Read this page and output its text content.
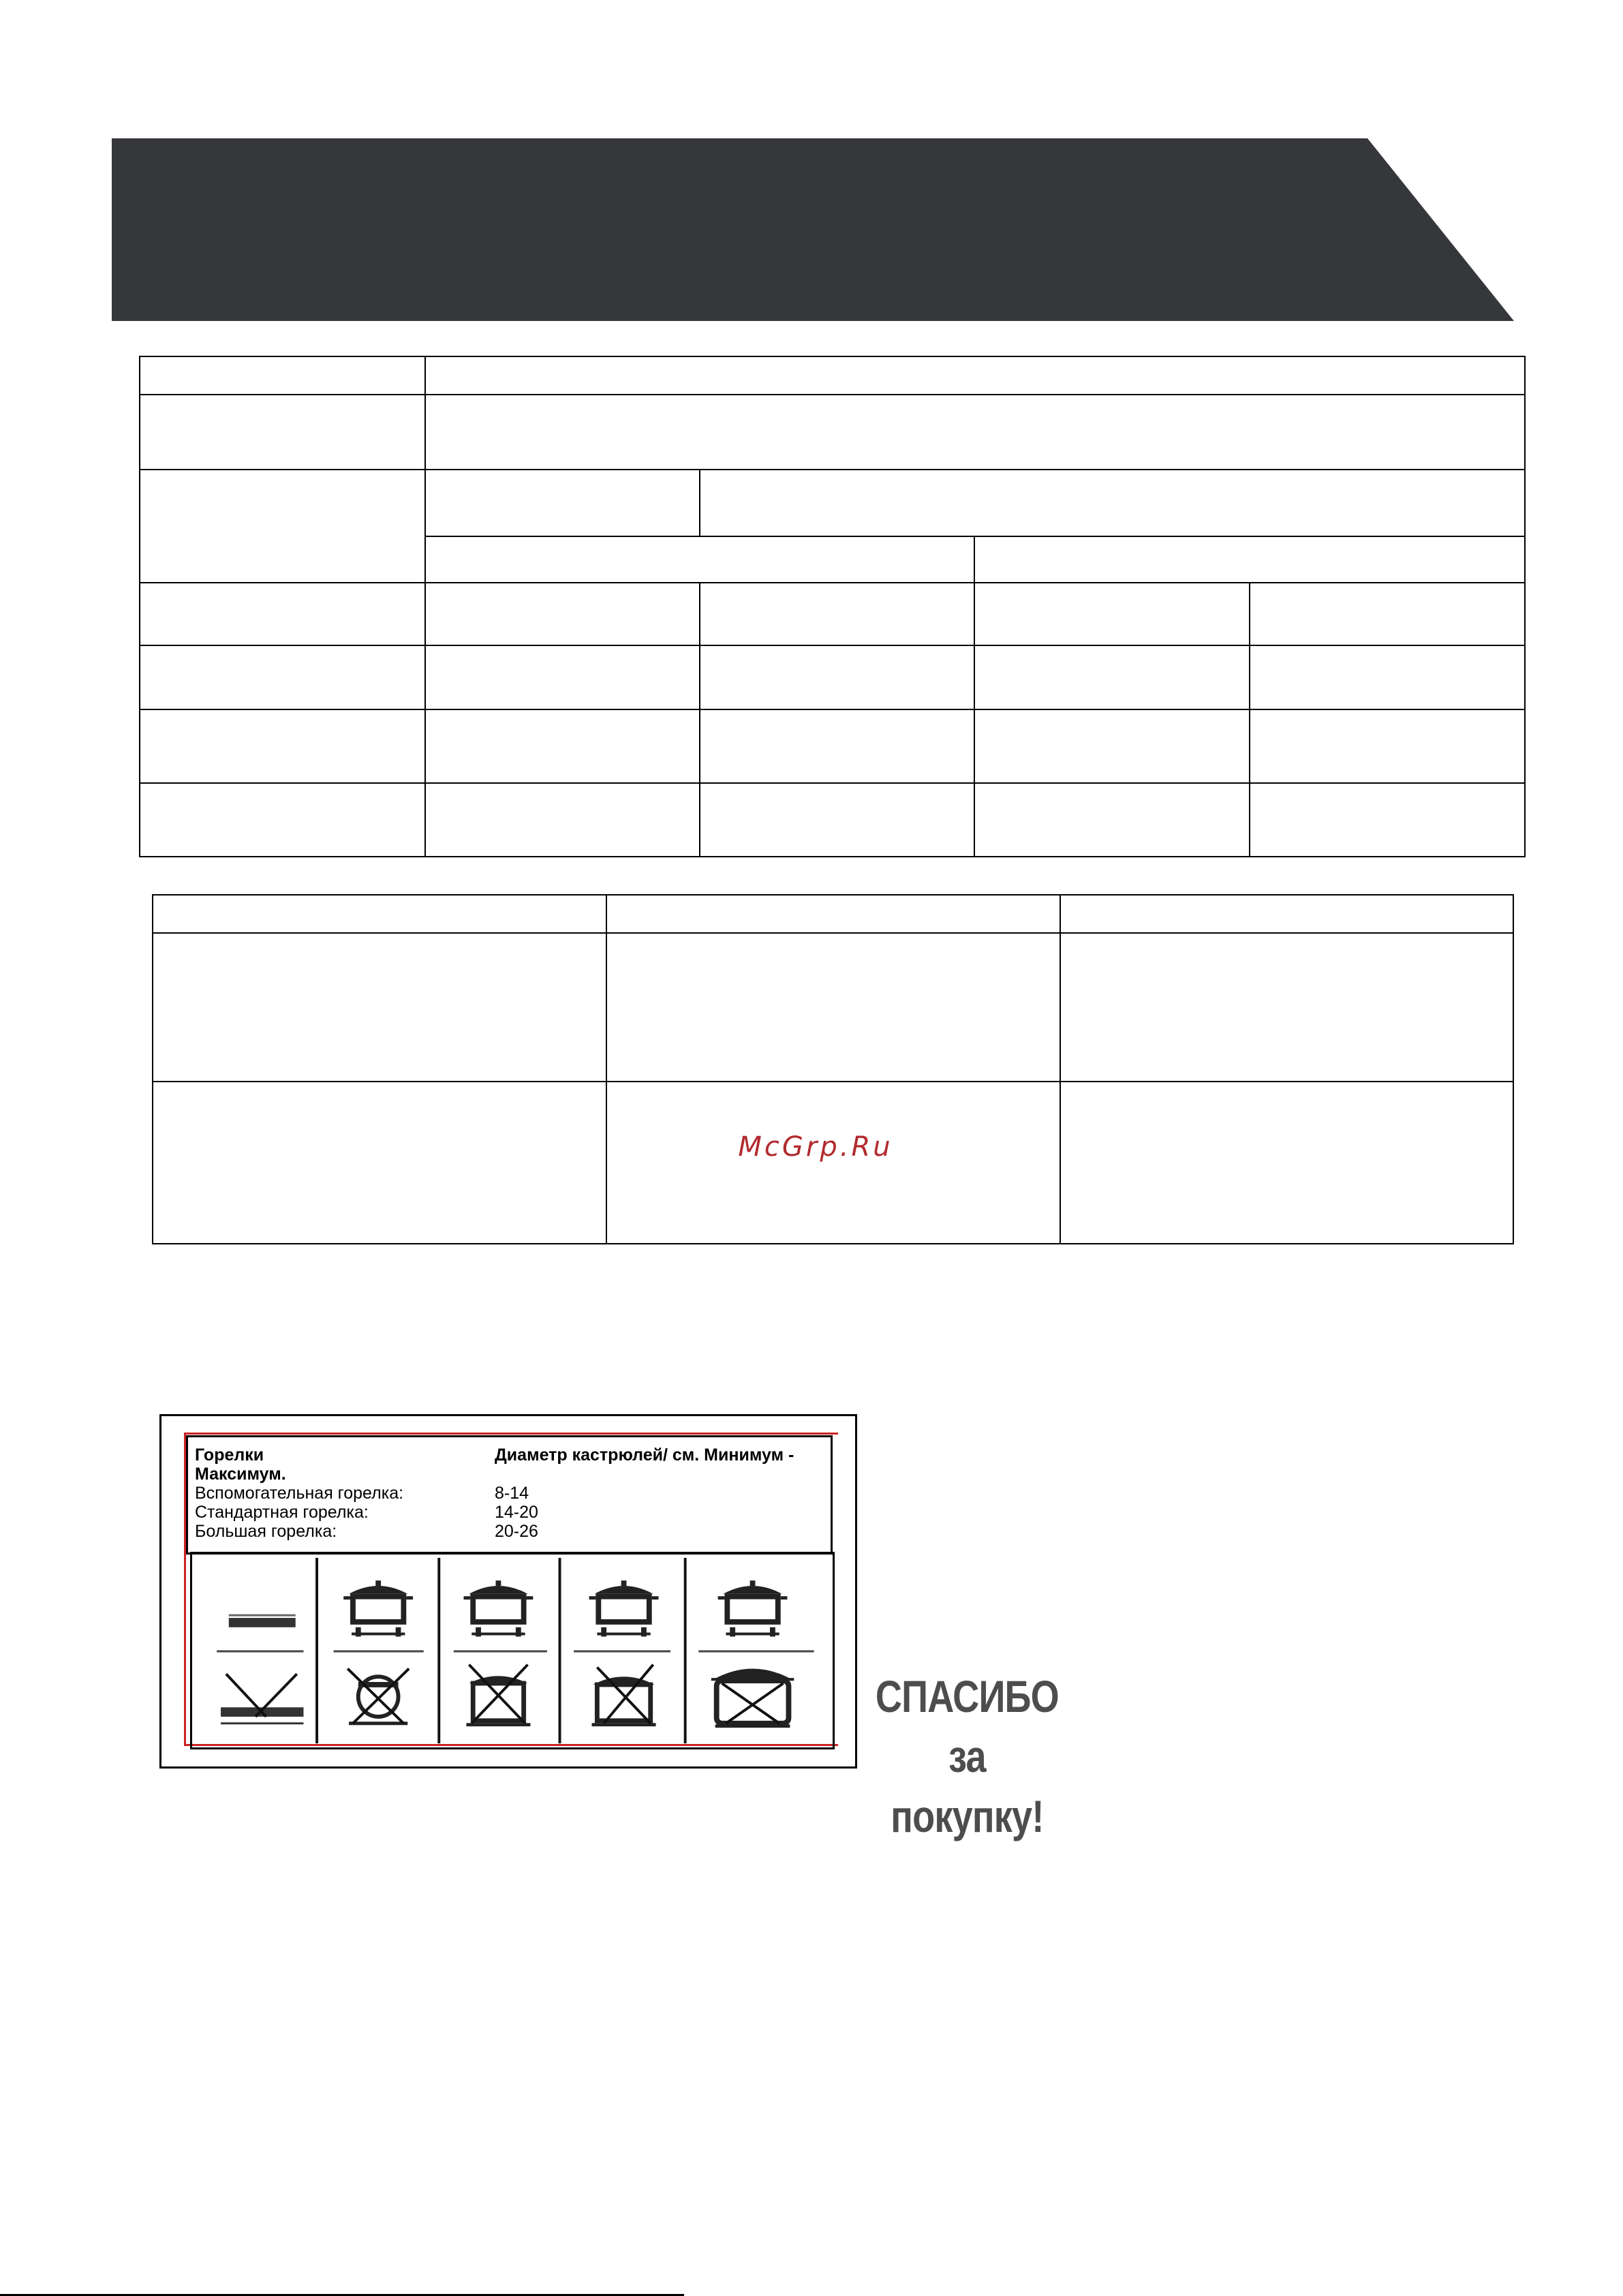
McGrp.Ru
Горелки	Диаметр кастрюлей/ см. Минимум -
Максимум.
Вспомогательная горелка:	8-14
Стандартная горелка:	14-20
Большая горелка:	20-26
СПАСИБО
за покупку!
